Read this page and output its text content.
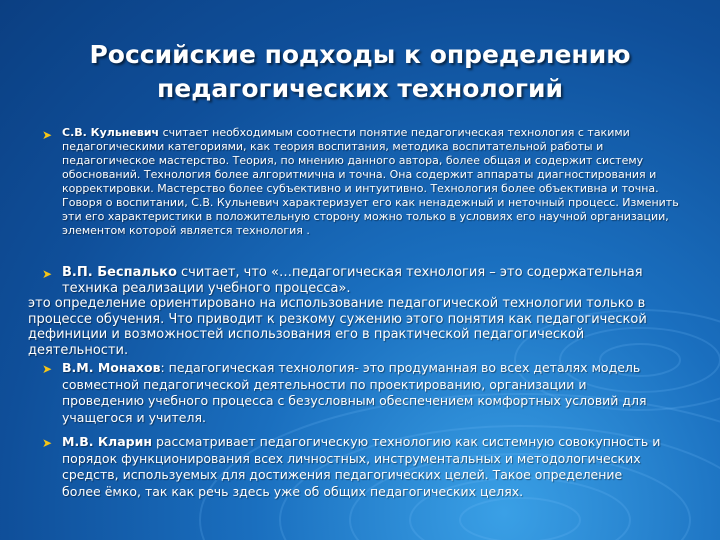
Российские подходы к определению
педагогических технологий
➤ С.В. Кульневич считает необходимым соотнести понятие педагогическая технология с такими педагогическими категориями, как теория воспитания, методика воспитательной работы и педагогическое мастерство. Теория, по мнению данного автора, более общая и содержит систему обоснований. Технология более алгоритмична и точна. Она содержит аппараты диагностирования и корректировки. Мастерство более субъективно и интуитивно. Технология более объективна и точна. Говоря о воспитании, С.В. Кульневич характеризует его как ненадежный и неточный процесс. Изменить эти его характеристики в положительную сторону можно только в условиях его научной организации, элементом которой является технология .
➤ В.П. Беспалько считает, что «…педагогическая технология – это содержательная техника реализации учебного процесса».
это определение ориентировано на использование педагогической технологии только в процессе обучения. Что приводит к резкому сужению этого понятия как педагогической дефиниции и возможностей использования его в практической педагогической деятельности.
➤ В.М. Монахов: педагогическая технология- это продуманная во всех деталях модель совместной педагогической деятельности по проектированию, организации и проведению учебного процесса с безусловным обеспечением комфортных условий для учащегося и учителя.
➤ М.В. Кларин рассматривает педагогическую технологию как системную совокупность и порядок функционирования всех личностных, инструментальных и методологических средств, используемых для достижения педагогических целей. Такое определение более ёмко, так как речь здесь уже об общих педагогических целях.
